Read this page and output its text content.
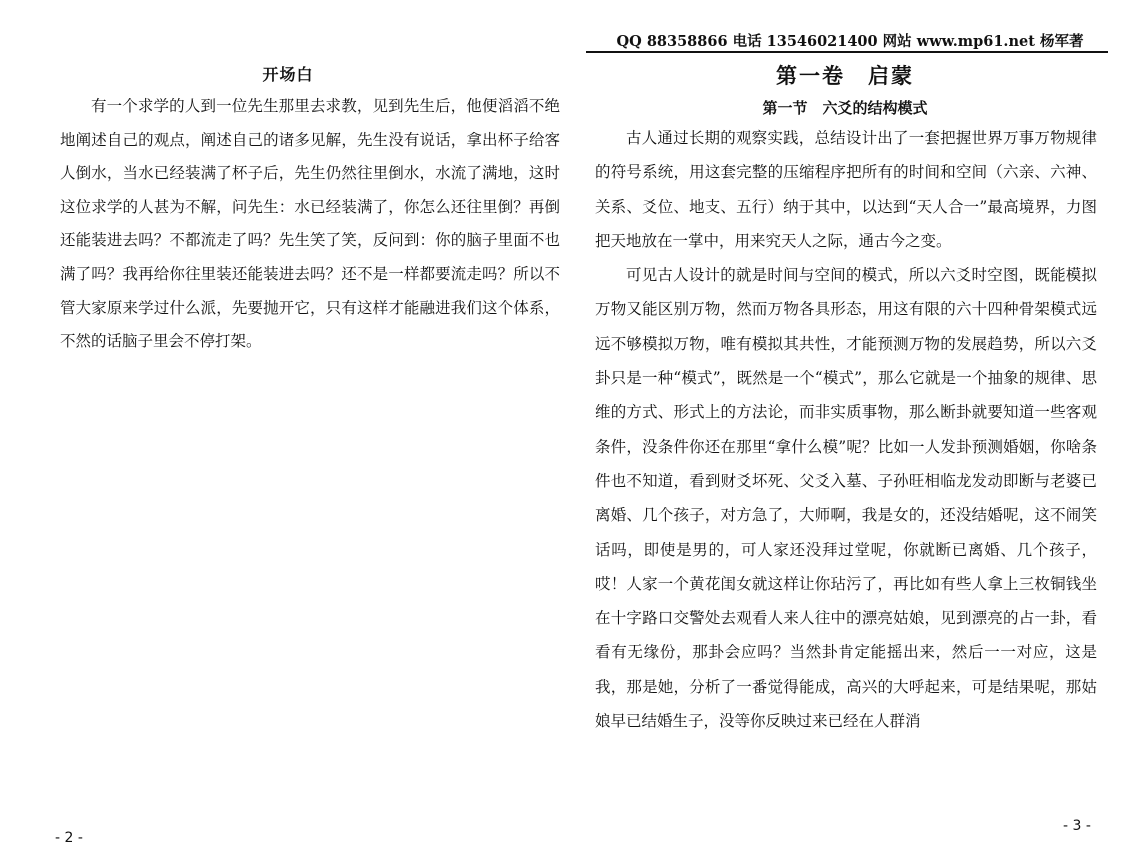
开场白

有一个求学的人到一位先生那里去求教，见到先生后，他便滔滔不绝地阐述自己的观点，阐述自己的诸多见解，先生没有说话，拿出杯子给客人倒水，当水已经装满了杯子后，先生仍然往里倒水，水流了满地，这时这位求学的人甚为不解，问先生：水已经装满了，你怎么还往里倒？再倒还能装进去吗？不都流走了吗？先生笑了笑，反问到：你的脑子里面不也满了吗？我再给你往里装还能装进去吗？还不是一样都要流走吗？所以不管大家原来学过什么派，先要抛开它，只有这样才能融进我们这个体系，不然的话脑子里会不停打架。

- 2 -
QQ 88358866 电话 13546021400 网站 www.mp61.net 杨军著
第一卷　启蒙
第一节　六爻的结构模式

古人通过长期的观察实践，总结设计出了一套把握世界万事万物规律的符号系统，用这套完整的压缩程序把所有的时间和空间（六亲、六神、关系、爻位、地支、五行）纳于其中，以达到“天人合一”最高境界，力图把天地放在一掌中，用来究天人之际，通古今之变。

可见古人设计的就是时间与空间的模式，所以六爻时空图，既能模拟万物又能区别万物，然而万物各具形态，用这有限的六十四种骨架模式远远不够模拟万物，唯有模拟其共性，才能预测万物的发展趋势，所以六爻卦只是一种“模式”，既然是一个“模式”，那么它就是一个抽象的规律、思维的方式、形式上的方法论，而非实质事物，那么断卦就要知道一些客观条件，没条件你还在那里“拿什么模”呢？比如一人发卦预测婚姻，你啥条件也不知道，看到财爻坏死、父爻入墓、子孙旺相临龙发动即断与老婆已离婚、几个孩子，对方急了，大师啊，我是女的，还没结婚呢，这不闹笑话吗，即使是男的，可人家还没拜过堂呢，你就断已离婚、几个孩子，哎！人家一个黄花闺女就这样让你玷污了，再比如有些人拿上三枚铜钱坐在十字路口交警处去观看人来人往中的漂亮姑娘，见到漂亮的占一卦，看看有无缘份，那卦会应吗？当然卦肯定能摇出来，然后一一对应，这是我，那是她，分析了一番觉得能成，高兴的大呼起来，可是结果呢，那姑娘早已结婚生子，没等你反映过来已经在人群消

- 3 -
